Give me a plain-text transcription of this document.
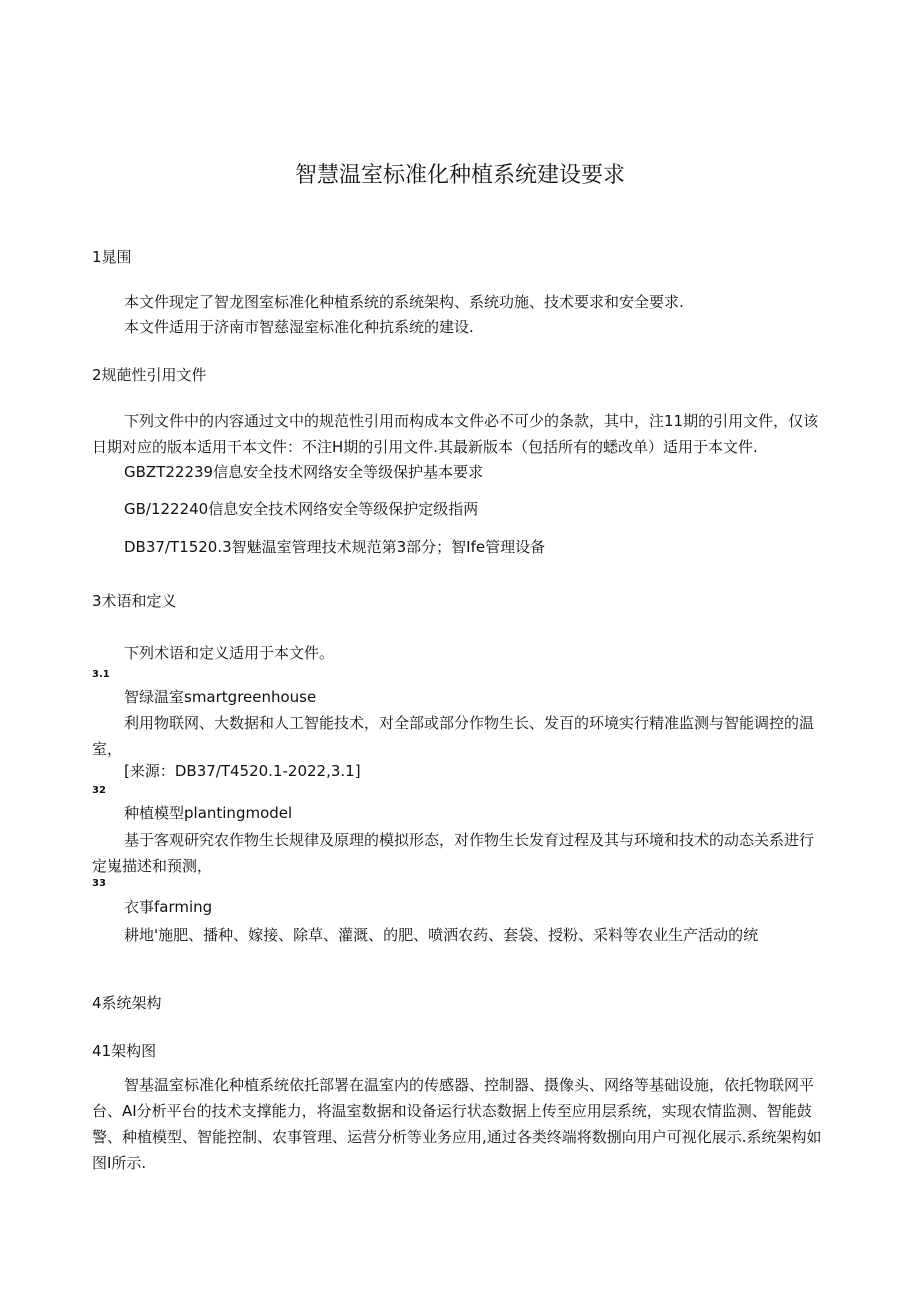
智慧温室标准化种植系统建设要求
1晁围
本文件现定了智龙图室标准化种植系统的系统架构、系统功施、技术要求和安全要求.
本文件适用于济南市智慈湿室标准化种抗系统的建设.
2规葩性引用文件
下列文件中的内容通过文中的规范性引用而构成本文件必不可少的条款，其中，注11期的引用文件，仅该日期对应的版本适用干本文件：不注H期的引用文件.其最新版本（包括所有的蟋改单）适用于本文件.
GBZT22239信息安全技术网络安全等级保护基本要求
GB/122240信息安全技术网络安全等级保护定级指两
DB37/T1520.3智魅温室管理技术规范第3部分；智Ife管理设备
3术语和定义
下列术语和定义适用于本文件。
3.1
智绿温室smartgreenhouse
利用物联网、大数据和人工智能技术，对全部或部分作物生长、发百的环境实行精准监测与智能调控的温室，
[来源：DB37/T4520.1-2022,3.1]
32
种植模型plantingmodel
基于客观研究农作物生长规律及原理的模拟形态，对作物生长发育过程及其与环境和技术的动态关系进行定嵬描述和预测，
33
衣事farming
耕地'施肥、播种、嫁接、除草、灌溉、的肥、喷洒农药、套袋、授粉、采料等农业生产活动的统
4系统架构
41架构图
智基温室标准化种植系统依托部署在温室内的传感器、控制器、摄像头、网络等基础设施，依托物联网平台、AI分析平台的技术支撑能力，将温室数据和设备运行状态数据上传至应用层系统，实现农情监测、智能鼓警、种植模型、智能控制、农事管理、运营分析等业务应用,通过各类终端将数捌向用户可视化展示.系统架构如图I所示.
